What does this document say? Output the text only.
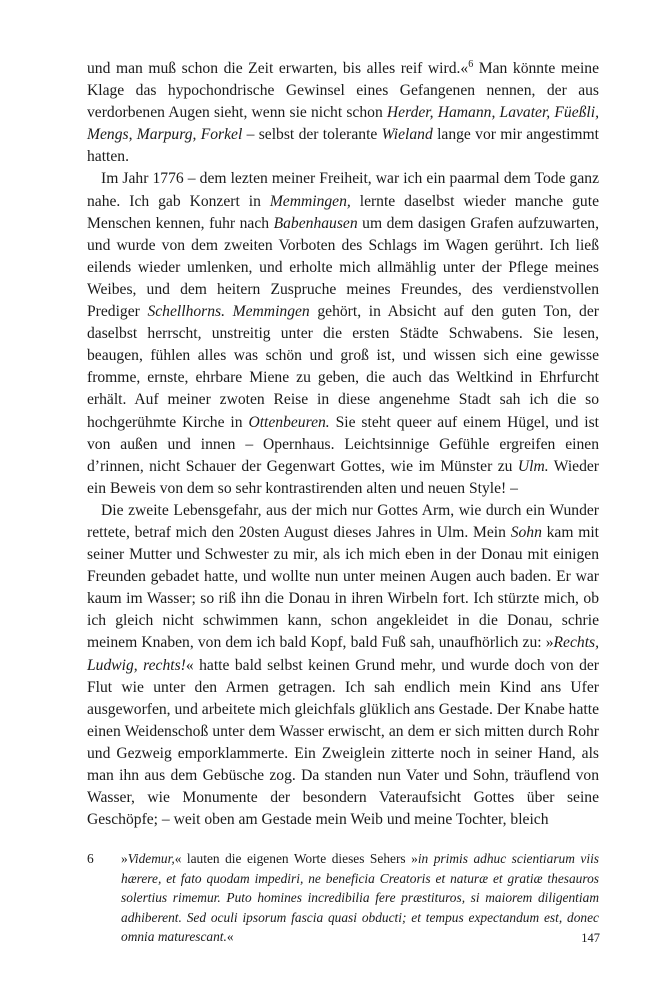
und man muß schon die Zeit erwarten, bis alles reif wird.«$^6$ Man könnte meine Klage das hypochondrische Gewinsel eines Gefangenen nennen, der aus verdorbenen Augen sieht, wenn sie nicht schon Herder, Hamann, Lavater, Füeßli, Mengs, Marpurg, Forkel – selbst der tolerante Wieland lange vor mir angestimmt hatten.

Im Jahr 1776 – dem lezten meiner Freiheit, war ich ein paarmal dem Tode ganz nahe. Ich gab Konzert in Memmingen, lernte daselbst wieder manche gute Menschen kennen, fuhr nach Babenhausen um dem dasigen Grafen aufzuwarten, und wurde von dem zweiten Vorboten des Schlags im Wagen gerührt. Ich ließ eilends wieder umlenken, und erholte mich allmählig unter der Pflege meines Weibes, und dem heitern Zuspruche meines Freundes, des verdienstvollen Prediger Schellhorns. Memmingen gehört, in Absicht auf den guten Ton, der daselbst herrscht, unstreitig unter die ersten Städte Schwabens. Sie lesen, beaugen, fühlen alles was schön und groß ist, und wissen sich eine gewisse fromme, ernste, ehrbare Miene zu geben, die auch das Weltkind in Ehrfurcht erhält. Auf meiner zwoten Reise in diese angenehme Stadt sah ich die so hochgerühmte Kirche in Ottenbeuren. Sie steht queer auf einem Hügel, und ist von außen und innen – Opernhaus. Leichtsinnige Gefühle ergreifen einen d’rinnen, nicht Schauer der Gegenwart Gottes, wie im Münster zu Ulm. Wieder ein Beweis von dem so sehr kontrastirenden alten und neuen Style! –

Die zweite Lebensgefahr, aus der mich nur Gottes Arm, wie durch ein Wunder rettete, betraf mich den 20sten August dieses Jahres in Ulm. Mein Sohn kam mit seiner Mutter und Schwester zu mir, als ich mich eben in der Donau mit einigen Freunden gebadet hatte, und wollte nun unter meinen Augen auch baden. Er war kaum im Wasser; so riß ihn die Donau in ihren Wirbeln fort. Ich stürzte mich, ob ich gleich nicht schwimmen kann, schon angekleidet in die Donau, schrie meinem Knaben, von dem ich bald Kopf, bald Fuß sah, unaufhörlich zu: »Rechts, Ludwig, rechts!« hatte bald selbst keinen Grund mehr, und wurde doch von der Flut wie unter den Armen getragen. Ich sah endlich mein Kind ans Ufer ausgeworfen, und arbeitete mich gleichfals glüklich ans Gestade. Der Knabe hatte einen Weidenschoß unter dem Wasser erwischt, an dem er sich mitten durch Rohr und Gezweig emporklammerte. Ein Zweiglein zitterte noch in seiner Hand, als man ihn aus dem Gebüsche zog. Da standen nun Vater und Sohn, träuflend von Wasser, wie Monumente der besondern Vateraufsicht Gottes über seine Geschöpfe; – weit oben am Gestade mein Weib und meine Tochter, bleich

6 »Videmur,« lauten die eigenen Worte dieses Sehers »in primis adhuc scientiarum viis hærere, et fato quodam impediri, ne beneficia Creatoris et naturæ et gratiæ thesauros solertius rimemur. Puto homines incredibilia fere præstituros, si maiorem diligentiam adhiberent. Sed oculi ipsorum fascia quasi obducti; et tempus expectandum est, donec omnia maturescant.«	147
